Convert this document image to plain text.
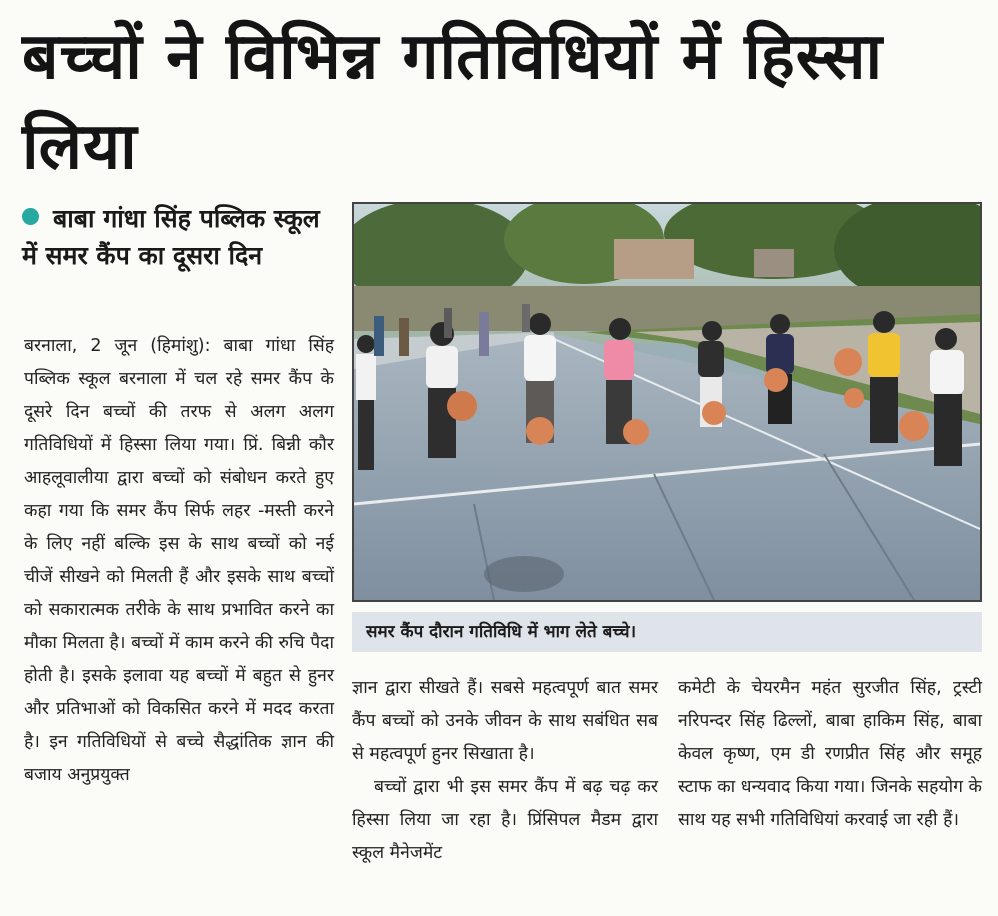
बच्चों ने विभिन्न गतिविधियों में हिस्सा लिया
बाबा गांधा सिंह पब्लिक स्कूल में समर कैंप का दूसरा दिन

बरनाला, 2 जून (हिमांशु): बाबा गांधा सिंह पब्लिक स्कूल बरनाला में चल रहे समर कैंप के दूसरे दिन बच्चों की तरफ से अलग अलग गतिविधियों में हिस्सा लिया गया। प्रिं. बिन्नी कौर आहलूवालीया द्वारा बच्चों को संबोधन करते हुए कहा गया कि समर कैंप सिर्फ लहर -मस्ती करने के लिए नहीं बल्कि इस के साथ बच्चों को नई चीजें सीखने को मिलती हैं और इसके साथ बच्चों को सकारात्मक तरीके के साथ प्रभावित करने का मौका मिलता है। बच्चों में काम करने की रुचि पैदा होती है। इसके इलावा यह बच्चों में बहुत से हुनर और प्रतिभाओं को विकसित करने में मदद करता है। इन गतिविधियों से बच्चे सैद्धांतिक ज्ञान की बजाय अनुप्रयुक्त

समर कैंप दौरान गतिविधि में भाग लेते बच्चे।

ज्ञान द्वारा सीखते हैं। सबसे महत्वपूर्ण बात समर कैंप बच्चों को उनके जीवन के साथ सबंधित सब से महत्वपूर्ण हुनर सिखाता है।

बच्चों द्वारा भी इस समर कैंप में बढ़ चढ़ कर हिस्सा लिया जा रहा है। प्रिंसिपल मैडम द्वारा स्कूल मैनेजमेंट

कमेटी के चेयरमैन महंत सुरजीत सिंह, ट्रस्टी नरिपन्दर सिंह ढिल्लों, बाबा हाकिम सिंह, बाबा केवल कृष्ण, एम डी रणप्रीत सिंह और समूह स्टाफ का धन्यवाद किया गया। जिनके सहयोग के साथ यह सभी गतिविधियां करवाई जा रही हैं।
